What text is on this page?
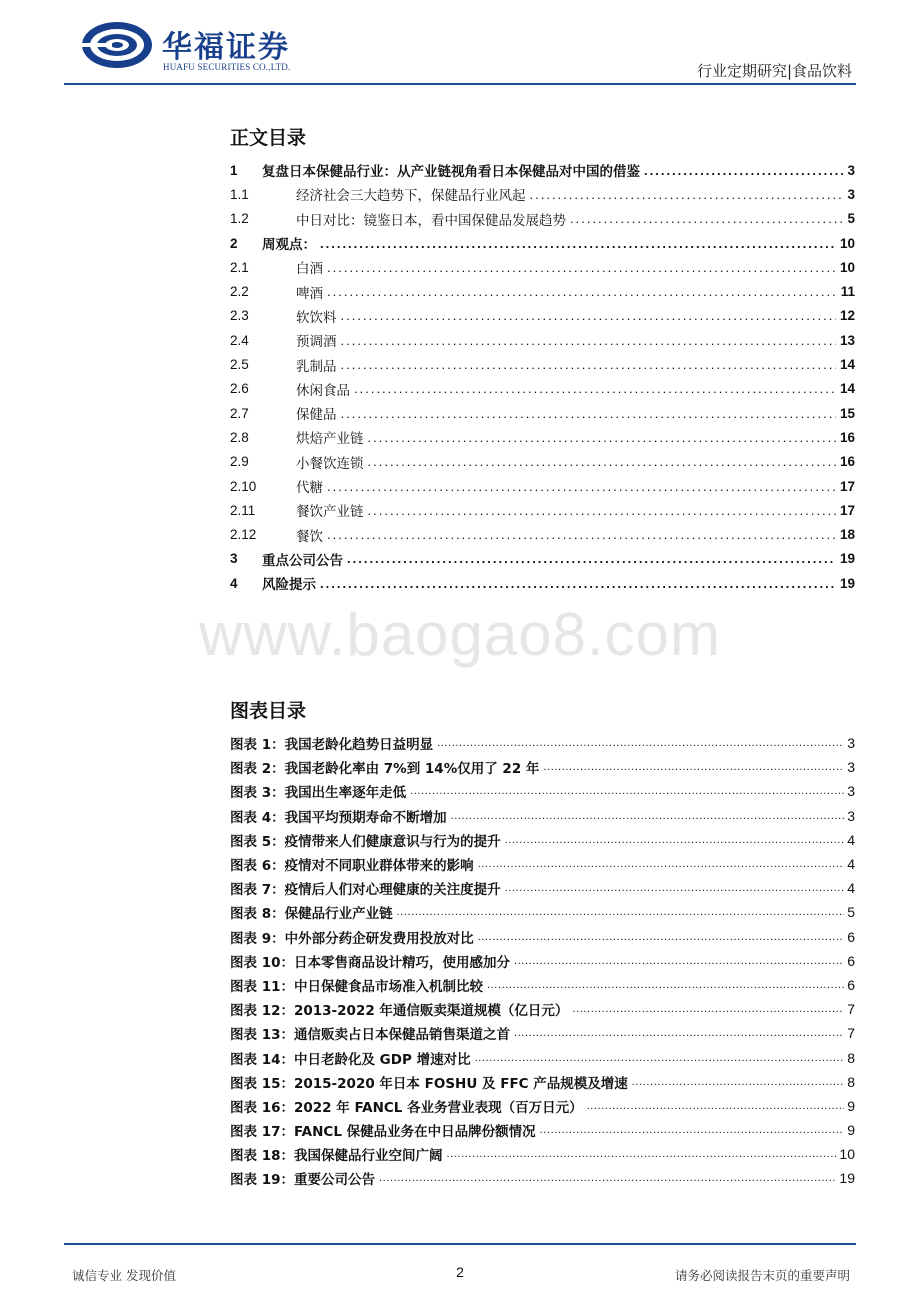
华福证券
HUAFU SECURITIES CO.,LTD.	行业定期研究|食品饮料
正文目录
1 复盘日本保健品行业：从产业链视角看日本保健品对中国的借鉴 .....	3
1.1	经济社会三大趋势下，保健品行业风起 .....	3
1.2	中日对比：镜鉴日本，看中国保健品发展趋势 .....	5
2 周观点： .....	10
2.1	白酒 .....	10
2.2	啤酒 .....	11
2.3	软饮料 .....	12
2.4	预调酒 .....	13
2.5	乳制品 .....	14
2.6	休闲食品 .....	14
2.7	保健品 .....	15
2.8	烘焙产业链 .....	16
2.9	小餐饮连锁 .....	16
2.10	代糖 .....	17
2.11	餐饮产业链 .....	17
2.12	餐饮 .....	18
3 重点公司公告 .....	19
4 风险提示 .....	19
www.baogao8.com
图表目录
图表 1：我国老龄化趋势日益明显 .....	3
图表 2：我国老龄化率由 7%到 14%仅用了 22 年 .....	3
图表 3：我国出生率逐年走低 .....	3
图表 4：我国平均预期寿命不断增加 .....	3
图表 5：疫情带来人们健康意识与行为的提升 .....	4
图表 6：疫情对不同职业群体带来的影响 .....	4
图表 7：疫情后人们对心理健康的关注度提升 .....	4
图表 8：保健品行业产业链 .....	5
图表 9：中外部分药企研发费用投放对比 .....	6
图表 10：日本零售商品设计精巧，使用感加分 .....	6
图表 11：中日保健食品市场准入机制比较 .....	6
图表 12：2013-2022 年通信贩卖渠道规模（亿日元） .....	7
图表 13：通信贩卖占日本保健品销售渠道之首 .....	7
图表 14：中日老龄化及 GDP 增速对比 .....	8
图表 15：2015-2020 年日本 FOSHU 及 FFC 产品规模及增速 .....	8
图表 16：2022 年 FANCL 各业务营业表现（百万日元） .....	9
图表 17：FANCL 保健品业务在中日品牌份额情况 .....	9
图表 18：我国保健品行业空间广阔 .....	10
图表 19：重要公司公告 .....	19
诚信专业 发现价值	2	请务必阅读报告末页的重要声明
